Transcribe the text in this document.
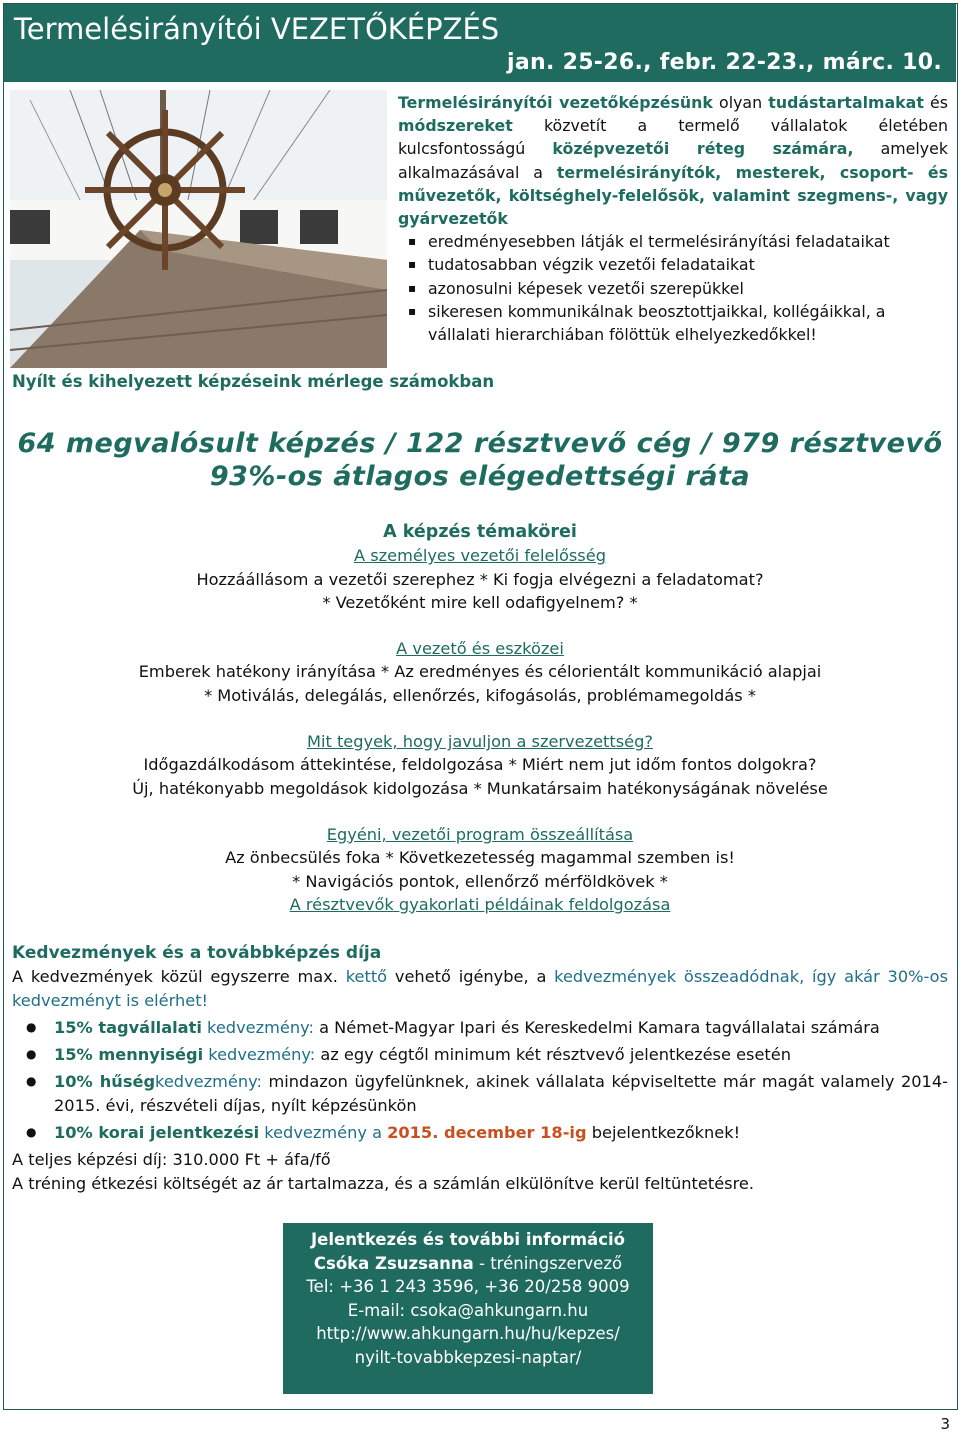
Termelésirányítói VEZETŐKÉPZÉS
jan. 25-26., febr. 22-23., márc. 10.
Termelésirányítói vezetőképzésünk olyan tudástartalmakat és módszereket közvetít a termelő vállalatok életében kulcsfontosságú középvezetői réteg számára, amelyek alkalmazásával a termelésirányítók, mesterek, csoport- és művezetők, költséghely-felelősök, valamint szegmens-, vagy gyárvezetők
▪ eredményesebben látják el termelésirányítási feladataikat
▪ tudatosabban végzik vezetői feladataikat
▪ azonosulni képesek vezetői szerepükkel
▪ sikeresen kommunikálnak beosztottjaikkal, kollégáikkal, a vállalati hierarchiában fölöttük elhelyezkedőkkel!
Nyílt és kihelyezett képzéseink mérlege számokban
64 megvalósult képzés / 122 résztvevő cég / 979 résztvevő
93%-os átlagos elégedettségi ráta
A képzés témakörei
A személyes vezetői felelősség
Hozzáállásom a vezetői szerephez * Ki fogja elvégezni a feladatomat?
* Vezetőként mire kell odafigyelnem? *
A vezető és eszközei
Emberek hatékony irányítása * Az eredményes és célorientált kommunikáció alapjai
* Motiválás, delegálás, ellenőrzés, kifogásolás, problémamegoldás *
Mit tegyek, hogy javuljon a szervezettség?
Időgazdálkodásom áttekintése, feldolgozása * Miért nem jut időm fontos dolgokra?
Új, hatékonyabb megoldások kidolgozása * Munkatársaim hatékonyságának növelése
Egyéni, vezetői program összeállítása
Az önbecsülés foka * Következetesség magammal szemben is!
* Navigációs pontok, ellenőrző mérföldkövek *
A résztvevők gyakorlati példáinak feldolgozása
Kedvezmények és a továbbképzés díja
A kedvezmények közül egyszerre max. kettő vehető igénybe, a kedvezmények összeadódnak, így akár 30%-os kedvezményt is elérhet!
● 15% tagvállalati kedvezmény: a Német-Magyar Ipari és Kereskedelmi Kamara tagvállalatai számára
● 15% mennyiségi kedvezmény: az egy cégtől minimum két résztvevő jelentkezése esetén
● 10% hűségkedvezmény: mindazon ügyfelünknek, akinek vállalata képviseltette már magát valamely 2014-2015. évi, részvételi díjas, nyílt képzésünkön
● 10% korai jelentkezési kedvezmény a 2015. december 18-ig bejelentkezőknek!
A teljes képzési díj: 310.000 Ft + áfa/fő
A tréning étkezési költségét az ár tartalmazza, és a számlán elkülönítve kerül feltüntetésre.
Jelentkezés és további információ
Csóka Zsuzsanna - tréningszervező
Tel: +36 1 243 3596, +36 20/258 9009
E-mail: csoka@ahkungarn.hu
http://www.ahkungarn.hu/hu/kepzes/
nyilt-tovabbkepzesi-naptar/
3
